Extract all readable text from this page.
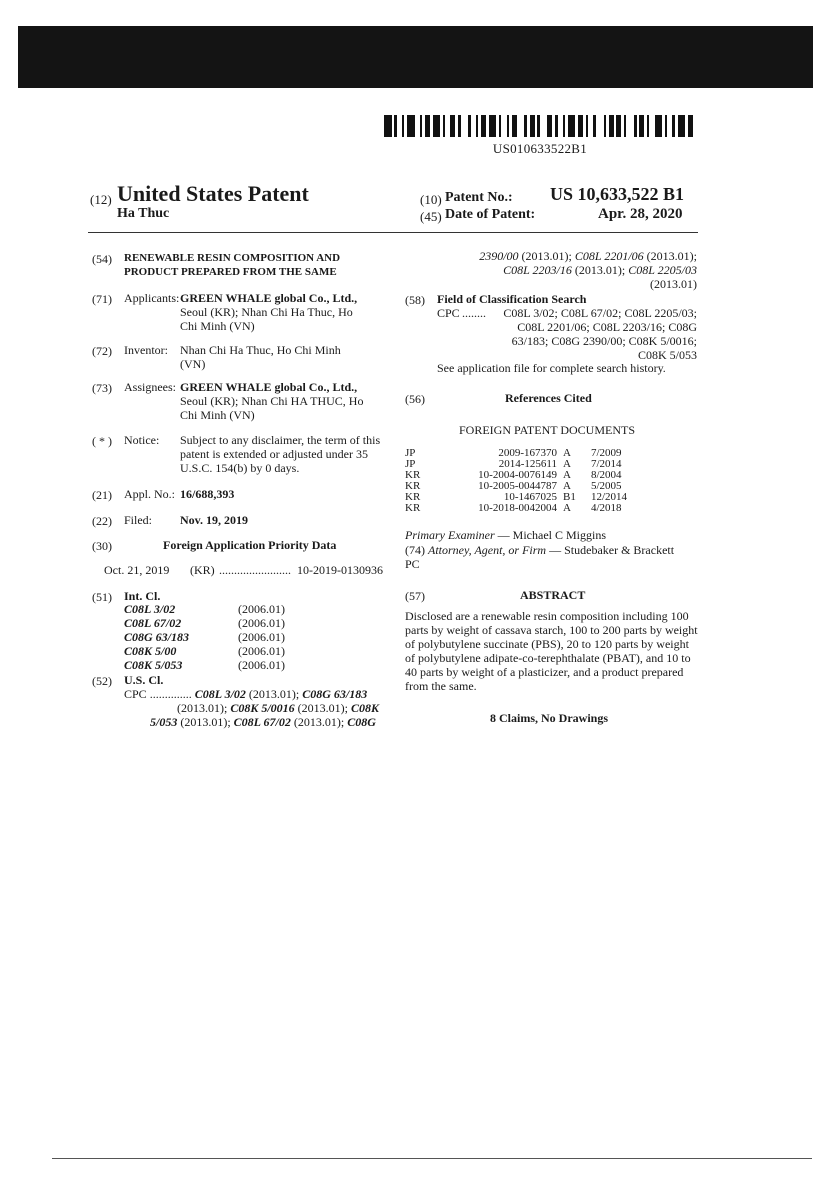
US010633522B1
(12) United States Patent
Ha Thuc
(10) Patent No.: US 10,633,522 B1
(45) Date of Patent:	Apr. 28, 2020
(54) RENEWABLE RESIN COMPOSITION AND
PRODUCT PREPARED FROM THE SAME
(71) Applicants: GREEN WHALE global Co., Ltd.,
Seoul (KR); Nhan Chi Ha Thuc, Ho
Chi Minh (VN)
(72) Inventor: Nhan Chi Ha Thuc, Ho Chi Minh
(VN)
(73) Assignees: GREEN WHALE global Co., Ltd.,
Seoul (KR); Nhan Chi HA THUC, Ho
Chi Minh (VN)
( * ) Notice: Subject to any disclaimer, the term of this
patent is extended or adjusted under 35
U.S.C. 154(b) by 0 days.
(21) Appl. No.: 16/688,393
(22) Filed: Nov. 19, 2019
(30)	Foreign Application Priority Data
Oct. 21, 2019 (KR) ........................ 10-2019-0130936
(51) Int. Cl.
C08L 3/02	(2006.01)
C08L 67/02	(2006.01)
C08G 63/183	(2006.01)
C08K 5/00	(2006.01)
C08K 5/053	(2006.01)
(52) U.S. Cl.
CPC .............. C08L 3/02 (2013.01); C08G 63/183
(2013.01); C08K 5/0016 (2013.01); C08K
5/053 (2013.01); C08L 67/02 (2013.01); C08G
2390/00 (2013.01); C08L 2201/06 (2013.01);
C08L 2203/16 (2013.01); C08L 2205/03
(2013.01)
(58) Field of Classification Search
CPC ........	C08L 3/02; C08L 67/02; C08L 2205/03;
C08L 2201/06; C08L 2203/16; C08G
63/183; C08G 2390/00; C08K 5/0016;
C08K 5/053
See application file for complete search history.
(56)	References Cited
FOREIGN PATENT DOCUMENTS
JP	2009-167370	A	7/2009
JP	2014-125611	A	7/2014
KR	10-2004-0076149	A	8/2004
KR	10-2005-0044787	A	5/2005
KR	10-1467025	B1	12/2014
KR	10-2018-0042004	A	4/2018
Primary Examiner — Michael C Miggins
(74) Attorney, Agent, or Firm — Studebaker & Brackett
PC
(57)	ABSTRACT
Disclosed are a renewable resin composition including 100
parts by weight of cassava starch, 100 to 200 parts by weight
of polybutylene succinate (PBS), 20 to 120 parts by weight
of polybutylene adipate-co-terephthalate (PBAT), and 10 to
40 parts by weight of a plasticizer, and a product prepared
from the same.
8 Claims, No Drawings
